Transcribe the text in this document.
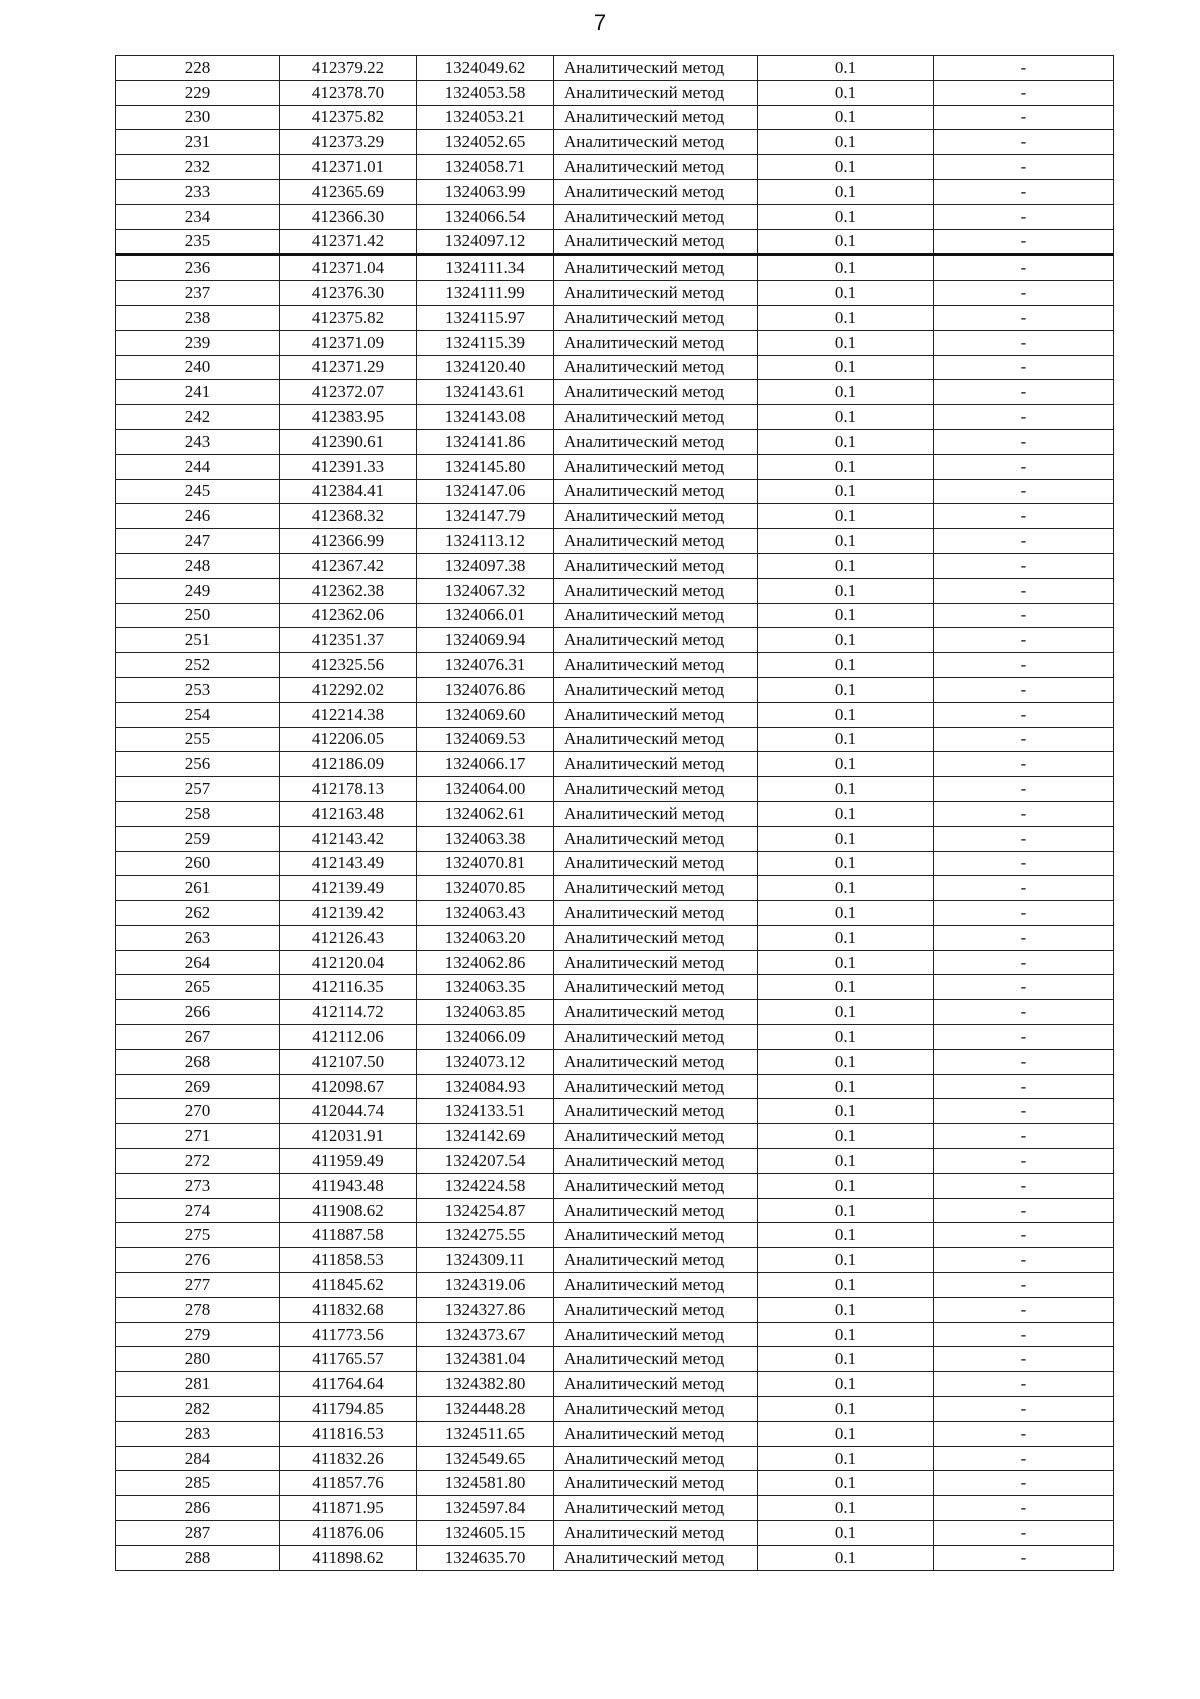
7
228	412379.22	1324049.62	Аналитический метод	0.1	-
229	412378.70	1324053.58	Аналитический метод	0.1	-
230	412375.82	1324053.21	Аналитический метод	0.1	-
231	412373.29	1324052.65	Аналитический метод	0.1	-
232	412371.01	1324058.71	Аналитический метод	0.1	-
233	412365.69	1324063.99	Аналитический метод	0.1	-
234	412366.30	1324066.54	Аналитический метод	0.1	-
235	412371.42	1324097.12	Аналитический метод	0.1	-
236	412371.04	1324111.34	Аналитический метод	0.1	-
237	412376.30	1324111.99	Аналитический метод	0.1	-
238	412375.82	1324115.97	Аналитический метод	0.1	-
239	412371.09	1324115.39	Аналитический метод	0.1	-
240	412371.29	1324120.40	Аналитический метод	0.1	-
241	412372.07	1324143.61	Аналитический метод	0.1	-
242	412383.95	1324143.08	Аналитический метод	0.1	-
243	412390.61	1324141.86	Аналитический метод	0.1	-
244	412391.33	1324145.80	Аналитический метод	0.1	-
245	412384.41	1324147.06	Аналитический метод	0.1	-
246	412368.32	1324147.79	Аналитический метод	0.1	-
247	412366.99	1324113.12	Аналитический метод	0.1	-
248	412367.42	1324097.38	Аналитический метод	0.1	-
249	412362.38	1324067.32	Аналитический метод	0.1	-
250	412362.06	1324066.01	Аналитический метод	0.1	-
251	412351.37	1324069.94	Аналитический метод	0.1	-
252	412325.56	1324076.31	Аналитический метод	0.1	-
253	412292.02	1324076.86	Аналитический метод	0.1	-
254	412214.38	1324069.60	Аналитический метод	0.1	-
255	412206.05	1324069.53	Аналитический метод	0.1	-
256	412186.09	1324066.17	Аналитический метод	0.1	-
257	412178.13	1324064.00	Аналитический метод	0.1	-
258	412163.48	1324062.61	Аналитический метод	0.1	-
259	412143.42	1324063.38	Аналитический метод	0.1	-
260	412143.49	1324070.81	Аналитический метод	0.1	-
261	412139.49	1324070.85	Аналитический метод	0.1	-
262	412139.42	1324063.43	Аналитический метод	0.1	-
263	412126.43	1324063.20	Аналитический метод	0.1	-
264	412120.04	1324062.86	Аналитический метод	0.1	-
265	412116.35	1324063.35	Аналитический метод	0.1	-
266	412114.72	1324063.85	Аналитический метод	0.1	-
267	412112.06	1324066.09	Аналитический метод	0.1	-
268	412107.50	1324073.12	Аналитический метод	0.1	-
269	412098.67	1324084.93	Аналитический метод	0.1	-
270	412044.74	1324133.51	Аналитический метод	0.1	-
271	412031.91	1324142.69	Аналитический метод	0.1	-
272	411959.49	1324207.54	Аналитический метод	0.1	-
273	411943.48	1324224.58	Аналитический метод	0.1	-
274	411908.62	1324254.87	Аналитический метод	0.1	-
275	411887.58	1324275.55	Аналитический метод	0.1	-
276	411858.53	1324309.11	Аналитический метод	0.1	-
277	411845.62	1324319.06	Аналитический метод	0.1	-
278	411832.68	1324327.86	Аналитический метод	0.1	-
279	411773.56	1324373.67	Аналитический метод	0.1	-
280	411765.57	1324381.04	Аналитический метод	0.1	-
281	411764.64	1324382.80	Аналитический метод	0.1	-
282	411794.85	1324448.28	Аналитический метод	0.1	-
283	411816.53	1324511.65	Аналитический метод	0.1	-
284	411832.26	1324549.65	Аналитический метод	0.1	-
285	411857.76	1324581.80	Аналитический метод	0.1	-
286	411871.95	1324597.84	Аналитический метод	0.1	-
287	411876.06	1324605.15	Аналитический метод	0.1	-
288	411898.62	1324635.70	Аналитический метод	0.1	-
